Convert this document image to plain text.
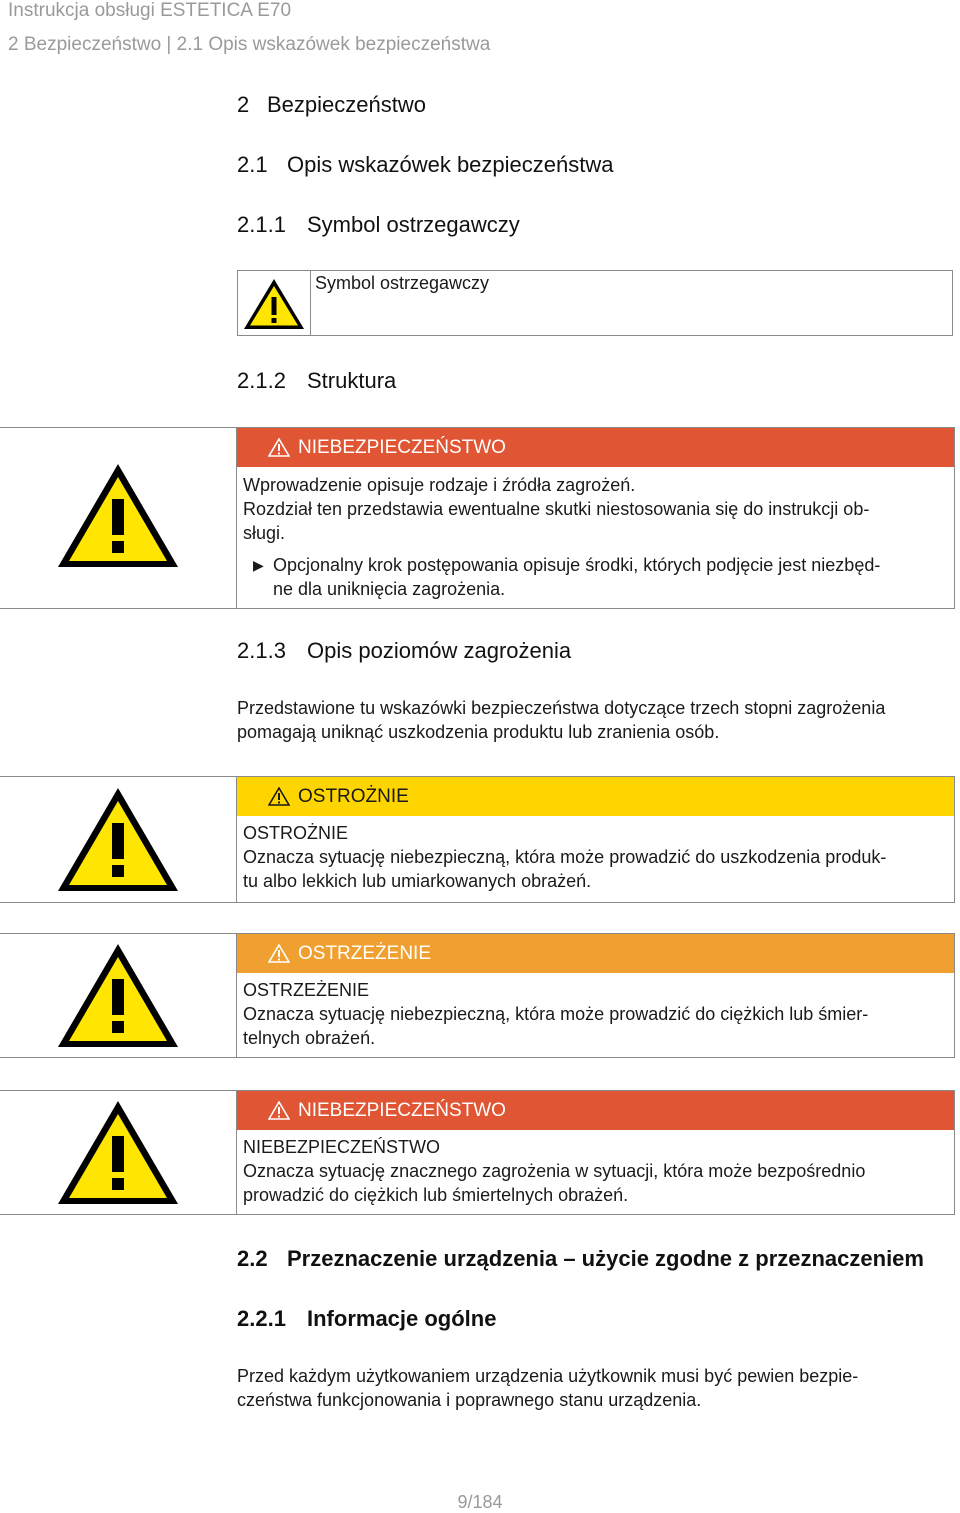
Instrukcja obsługi ESTETICA E70
2 Bezpieczeństwo | 2.1 Opis wskazówek bezpieczeństwa
2 Bezpieczeństwo
2.1 Opis wskazówek bezpieczeństwa
2.1.1 Symbol ostrzegawczy
Symbol ostrzegawczy
2.1.2 Struktura
NIEBEZPIECZEŃSTWO
Wprowadzenie opisuje rodzaje i źródła zagrożeń.
Rozdział ten przedstawia ewentualne skutki niestosowania się do instrukcji ob-
sługi.
▶ Opcjonalny krok postępowania opisuje środki, których podjęcie jest niezbęd-
ne dla uniknięcia zagrożenia.
2.1.3 Opis poziomów zagrożenia
Przedstawione tu wskazówki bezpieczeństwa dotyczące trzech stopni zagrożenia
pomagają uniknąć uszkodzenia produktu lub zranienia osób.
OSTROŻNIE
OSTROŻNIE
Oznacza sytuację niebezpieczną, która może prowadzić do uszkodzenia produk-
tu albo lekkich lub umiarkowanych obrażeń.
OSTRZEŻENIE
OSTRZEŻENIE
Oznacza sytuację niebezpieczną, która może prowadzić do ciężkich lub śmier-
telnych obrażeń.
NIEBEZPIECZEŃSTWO
NIEBEZPIECZEŃSTWO
Oznacza sytuację znacznego zagrożenia w sytuacji, która może bezpośrednio
prowadzić do ciężkich lub śmiertelnych obrażeń.
2.2 Przeznaczenie urządzenia – użycie zgodne z przeznaczeniem
2.2.1 Informacje ogólne
Przed każdym użytkowaniem urządzenia użytkownik musi być pewien bezpie-
czeństwa funkcjonowania i poprawnego stanu urządzenia.
9/184
